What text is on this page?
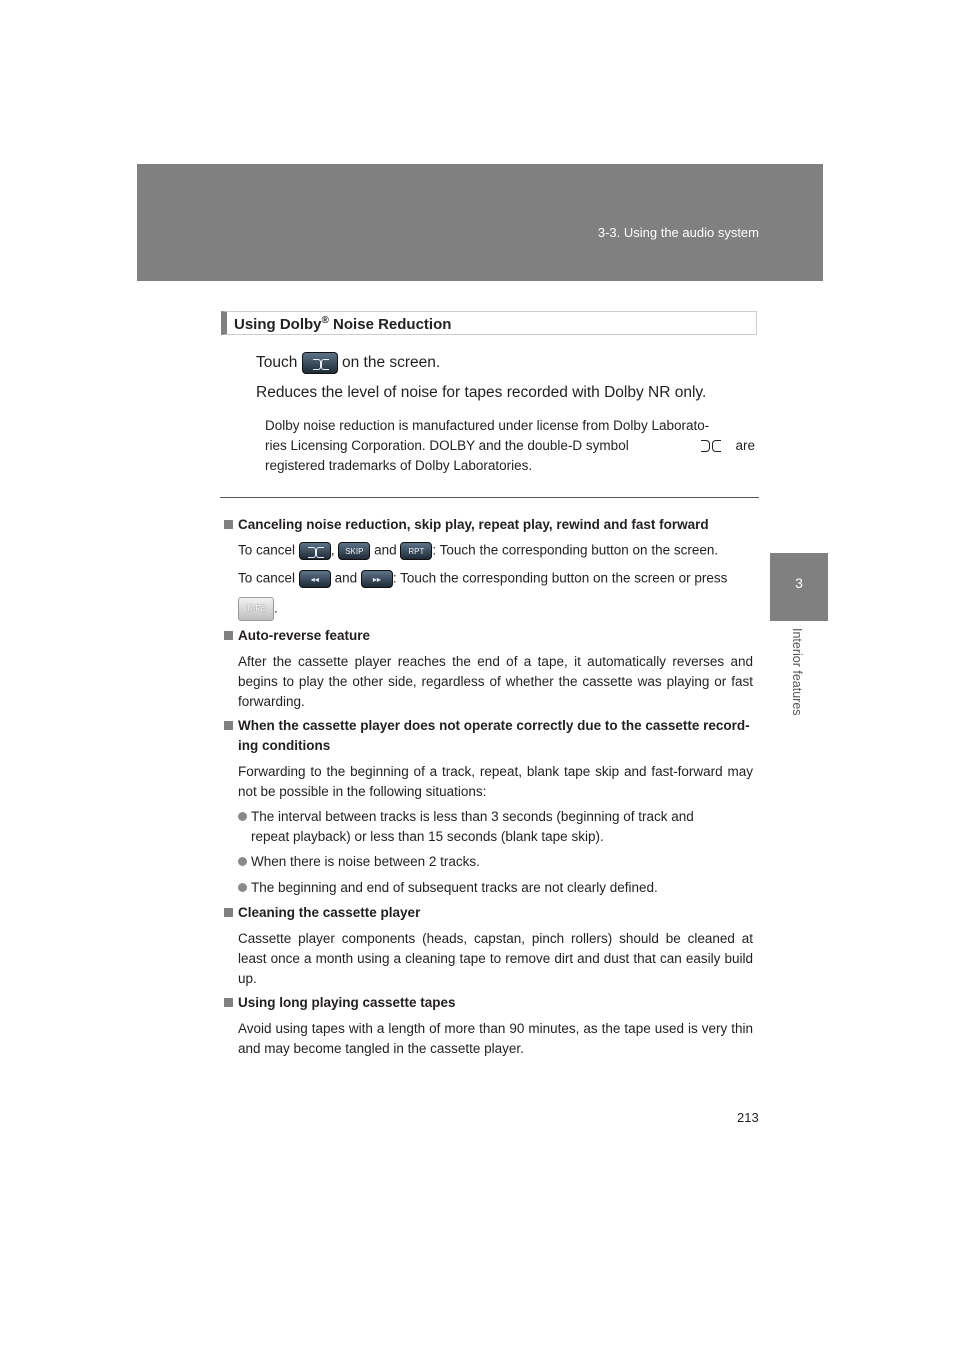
3-3. Using the audio system
3
Interior features
Using Dolby® Noise Reduction
Touch	on the screen.
Reduces the level of noise for tapes recorded with Dolby NR only.
Dolby noise reduction is manufactured under license from Dolby Laborato-
ries Licensing Corporation. DOLBY and the double-D symbol	are
registered trademarks of Dolby Laboratories.
Canceling noise reduction, skip play, repeat play, rewind and fast forward
To cancel	,	SKIP and	RPT : Touch the corresponding button on the screen.
To cancel	◂◂	and	▸▸ : Touch the corresponding button on the screen or press
TAPE .
Auto-reverse feature
After the cassette player reaches the end of a tape, it automatically reverses and begins to play the other side, regardless of whether the cassette was playing or fast forwarding.
When the cassette player does not operate correctly due to the cassette record-
ing conditions
Forwarding to the beginning of a track, repeat, blank tape skip and fast-forward may not be possible in the following situations:
The interval between tracks is less than 3 seconds (beginning of track and
repeat playback) or less than 15 seconds (blank tape skip).
When there is noise between 2 tracks.
The beginning and end of subsequent tracks are not clearly defined.
Cleaning the cassette player
Cassette player components (heads, capstan, pinch rollers) should be cleaned at least once a month using a cleaning tape to remove dirt and dust that can easily build up.
Using long playing cassette tapes
Avoid using tapes with a length of more than 90 minutes, as the tape used is very thin and may become tangled in the cassette player.
213
